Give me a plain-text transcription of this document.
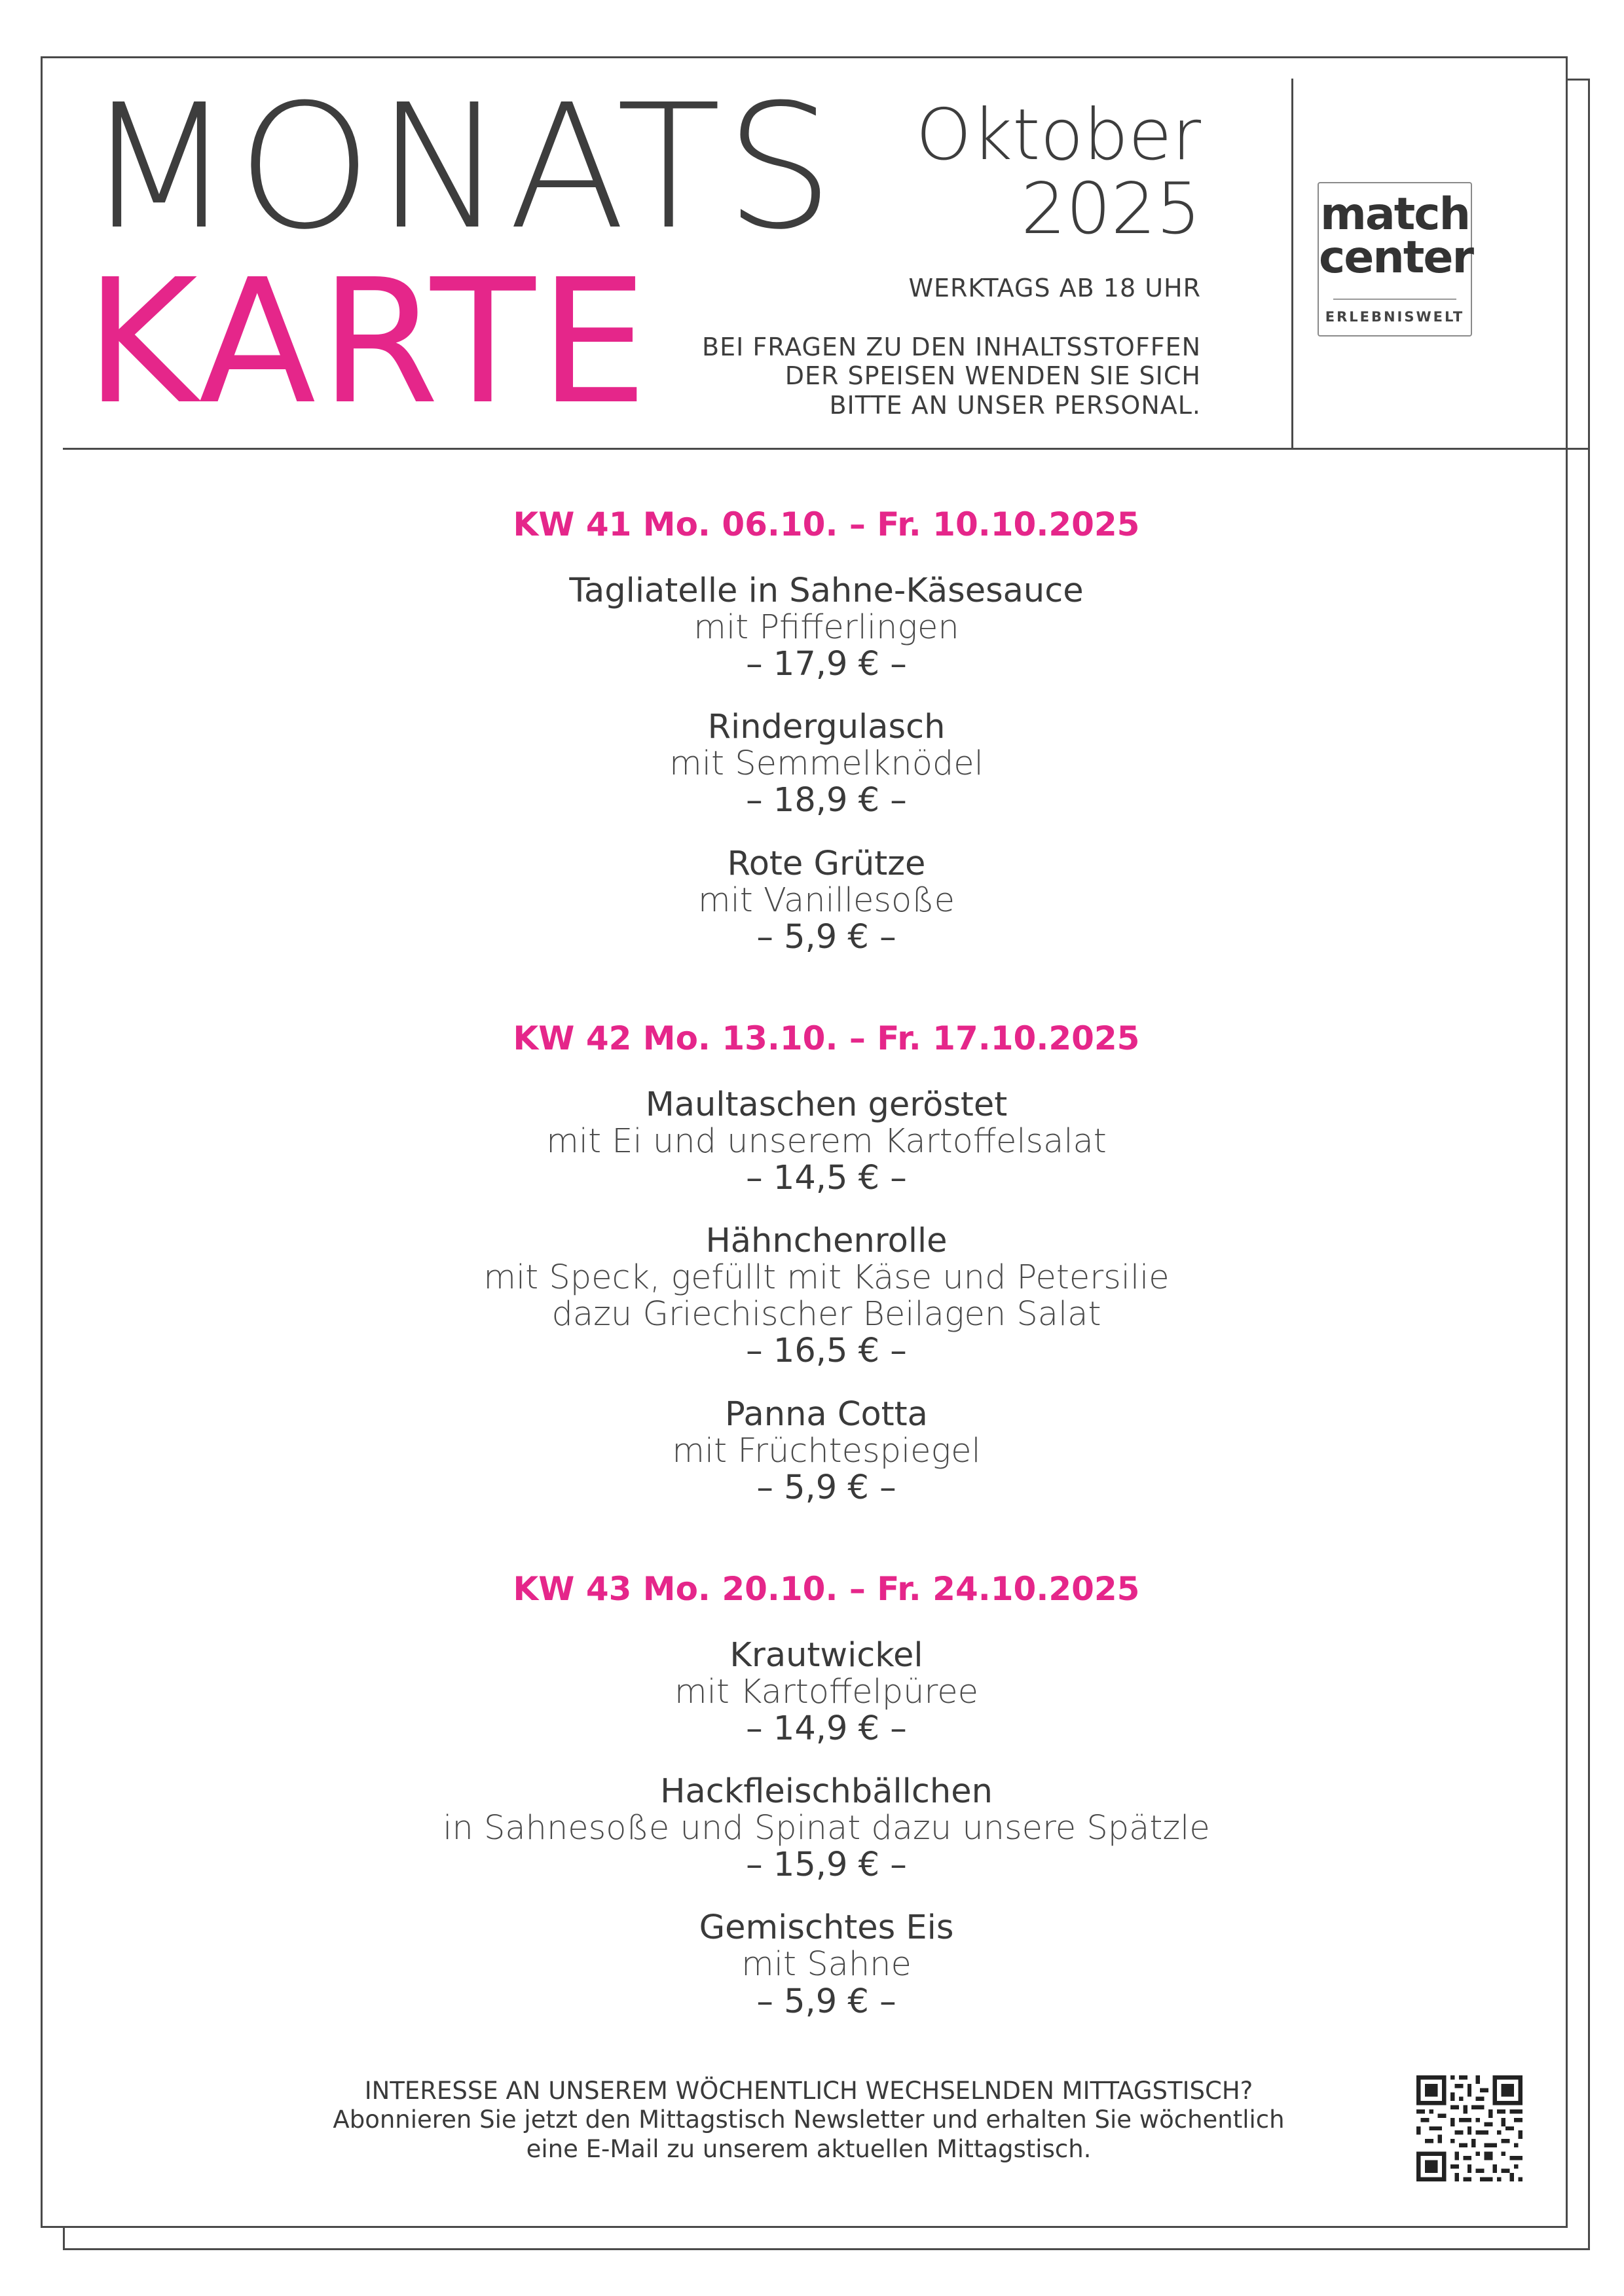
MONATS
KARTE
Oktober
2025
WERKTAGS AB 18 UHR
BEI FRAGEN ZU DEN INHALTSSTOFFEN
DER SPEISEN WENDEN SIE SICH
BITTE AN UNSER PERSONAL.
match
center
ERLEBNISWELT
KW 41 Mo. 06.10. – Fr. 10.10.2025
Tagliatelle in Sahne-Käsesauce
mit Pfifferlingen
– 17,9 € –
Rindergulasch
mit Semmelknödel
– 18,9 € –
Rote Grütze
mit Vanillesoße
– 5,9 € –
KW 42 Mo. 13.10. – Fr. 17.10.2025
Maultaschen geröstet
mit Ei und unserem Kartoffelsalat
– 14,5 € –
Hähnchenrolle
mit Speck, gefüllt mit Käse und Petersilie
dazu Griechischer Beilagen Salat
– 16,5 € –
Panna Cotta
mit Früchtespiegel
– 5,9 € –
KW 43 Mo. 20.10. – Fr. 24.10.2025
Krautwickel
mit Kartoffelpüree
– 14,9 € –
Hackfleischbällchen
in Sahnesoße und Spinat dazu unsere Spätzle
– 15,9 € –
Gemischtes Eis
mit Sahne
– 5,9 € –
INTERESSE AN UNSEREM WÖCHENTLICH WECHSELNDEN MITTAGSTISCH?
Abonnieren Sie jetzt den Mittagstisch Newsletter und erhalten Sie wöchentlich
eine E-Mail zu unserem aktuellen Mittagstisch.
